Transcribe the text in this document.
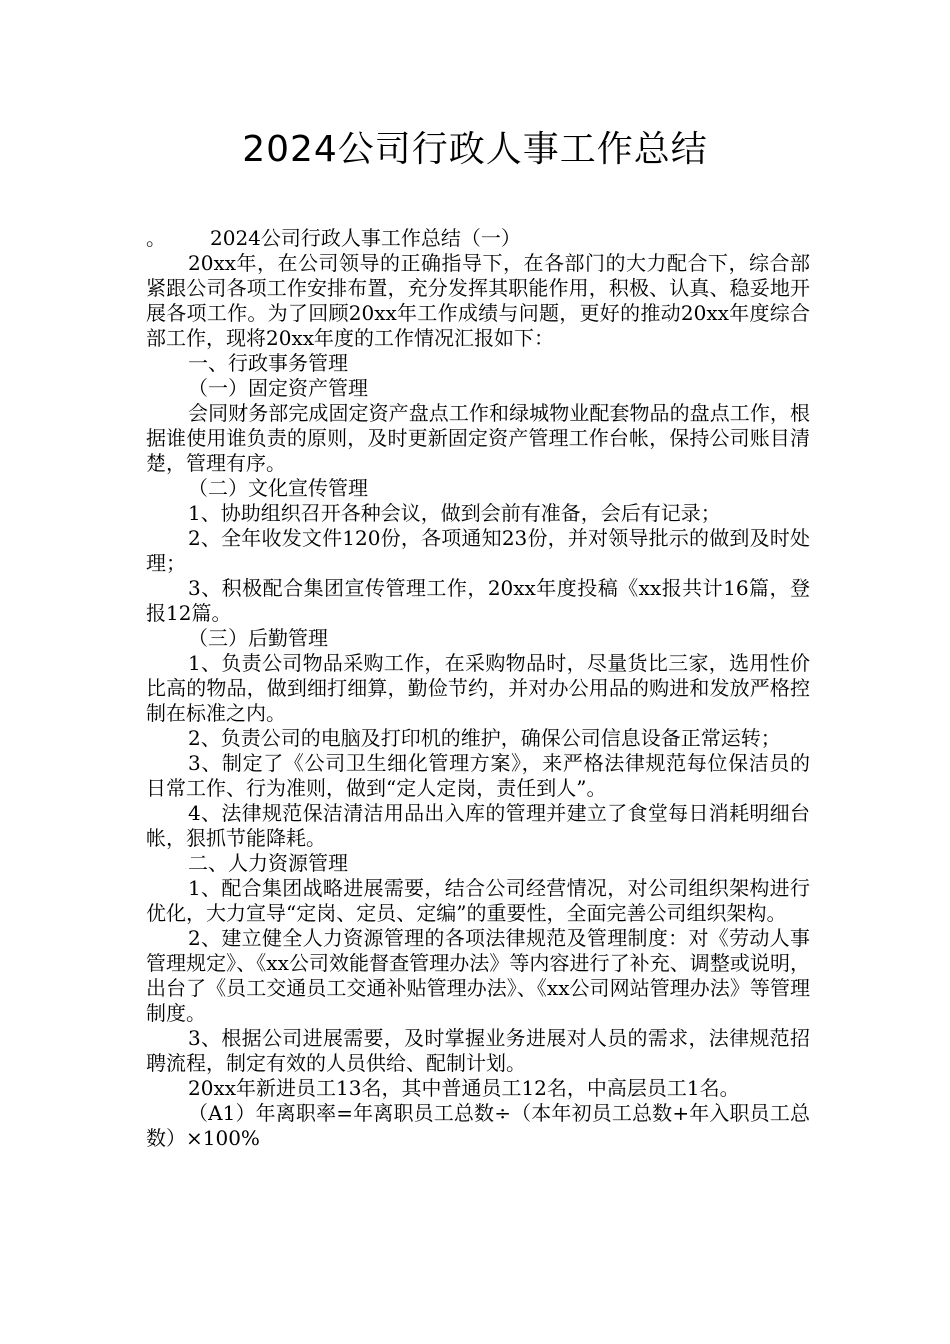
2024公司行政人事工作总结

。 2024公司行政人事工作总结（一）

20xx年，在公司领导的正确指导下，在各部门的大力配合下，综合部紧跟公司各项工作安排布置，充分发挥其职能作用，积极、认真、稳妥地开展各项工作。为了回顾20xx年工作成绩与问题，更好的推动20xx年度综合部工作，现将20xx年度的工作情况汇报如下：

一、行政事务管理

（一）固定资产管理

会同财务部完成固定资产盘点工作和绿城物业配套物品的盘点工作，根据谁使用谁负责的原则，及时更新固定资产管理工作台帐，保持公司账目清楚，管理有序。

（二）文化宣传管理

1、协助组织召开各种会议，做到会前有准备，会后有记录；

2、全年收发文件120份，各项通知23份，并对领导批示的做到及时处理；

3、积极配合集团宣传管理工作，20xx年度投稿《xx报共计16篇，登报12篇。

（三）后勤管理

1、负责公司物品采购工作，在采购物品时，尽量货比三家，选用性价比高的物品，做到细打细算，勤俭节约，并对办公用品的购进和发放严格控制在标准之内。

2、负责公司的电脑及打印机的维护，确保公司信息设备正常运转；

3、制定了《公司卫生细化管理方案》，来严格法律规范每位保洁员的日常工作、行为准则，做到“定人定岗，责任到人”。

4、法律规范保洁清洁用品出入库的管理并建立了食堂每日消耗明细台帐，狠抓节能降耗。

二、人力资源管理

1、配合集团战略进展需要，结合公司经营情况，对公司组织架构进行优化，大力宣导“定岗、定员、定编”的重要性，全面完善公司组织架构。

2、建立健全人力资源管理的各项法律规范及管理制度：对《劳动人事管理规定》、《xx公司效能督查管理办法》等内容进行了补充、调整或说明，出台了《员工交通员工交通补贴管理办法》、《xx公司网站管理办法》等管理制度。

3、根据公司进展需要，及时掌握业务进展对人员的需求，法律规范招聘流程，制定有效的人员供给、配制计划。

20xx年新进员工13名，其中普通员工12名，中高层员工1名。

（A1）年离职率=年离职员工总数÷（本年初员工总数+年入职员工总数）×100%
